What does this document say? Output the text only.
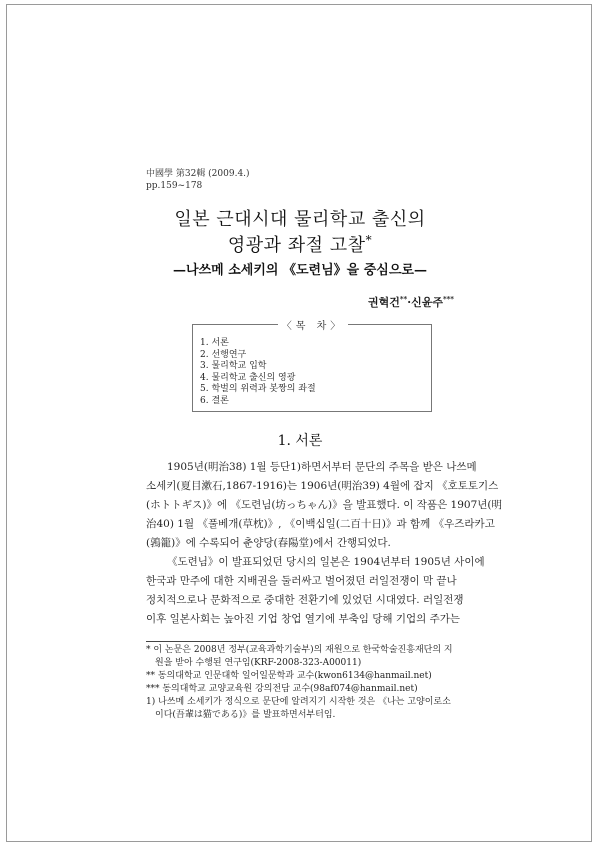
中國學 第32輯 (2009.4.)
pp.159~178
일본 근대시대 물리학교 출신의
영광과 좌절 고찰*
—나쓰메 소세키의 《도련님》을 중심으로—
권혁건**·신윤주***
〈목 차〉
1. 서론
2. 선행연구
3. 물리학교 입학
4. 물리학교 출신의 영광
5. 학벌의 위력과 봇짱의 좌절
6. 결론
1. 서론
1905년(明治38) 1월 등단1)하면서부터 문단의 주목을 받은 나쓰메
소세키(夏目漱石,1867-1916)는 1906년(明治39) 4월에 잡지 《호토토기스
(ホトトギス)》에 《도련님(坊っちゃん)》을 발표했다. 이 작품은 1907년(明
治40) 1월 《풀베개(草枕)》, 《이백십일(二百十日)》과 함께 《우즈라카고
(鶉籠)》에 수록되어 춘양당(春陽堂)에서 간행되었다.
《도련님》이 발표되었던 당시의 일본은 1904년부터 1905년 사이에
한국과 만주에 대한 지배권을 둘러싸고 벌어졌던 러일전쟁이 막 끝나
정치적으로나 문화적으로 중대한 전환기에 있었던 시대였다. 러일전쟁
이후 일본사회는 높아진 기업 창업 열기에 부축임 당해 기업의 주가는
* 이 논문은 2008년 정부(교육과학기술부)의 재원으로 한국학술진흥재단의 지
원을 받아 수행된 연구임(KRF-2008-323-A00011)
** 동의대학교 인문대학 일어일문학과 교수(kwon6134@hanmail.net)
*** 동의대학교 교양교육원 강의전담 교수(98af074@hanmail.net)
1) 나쓰메 소세키가 정식으로 문단에 알려지기 시작한 것은 《나는 고양이로소
이다(吾輩は猫である)》를 발표하면서부터임.
